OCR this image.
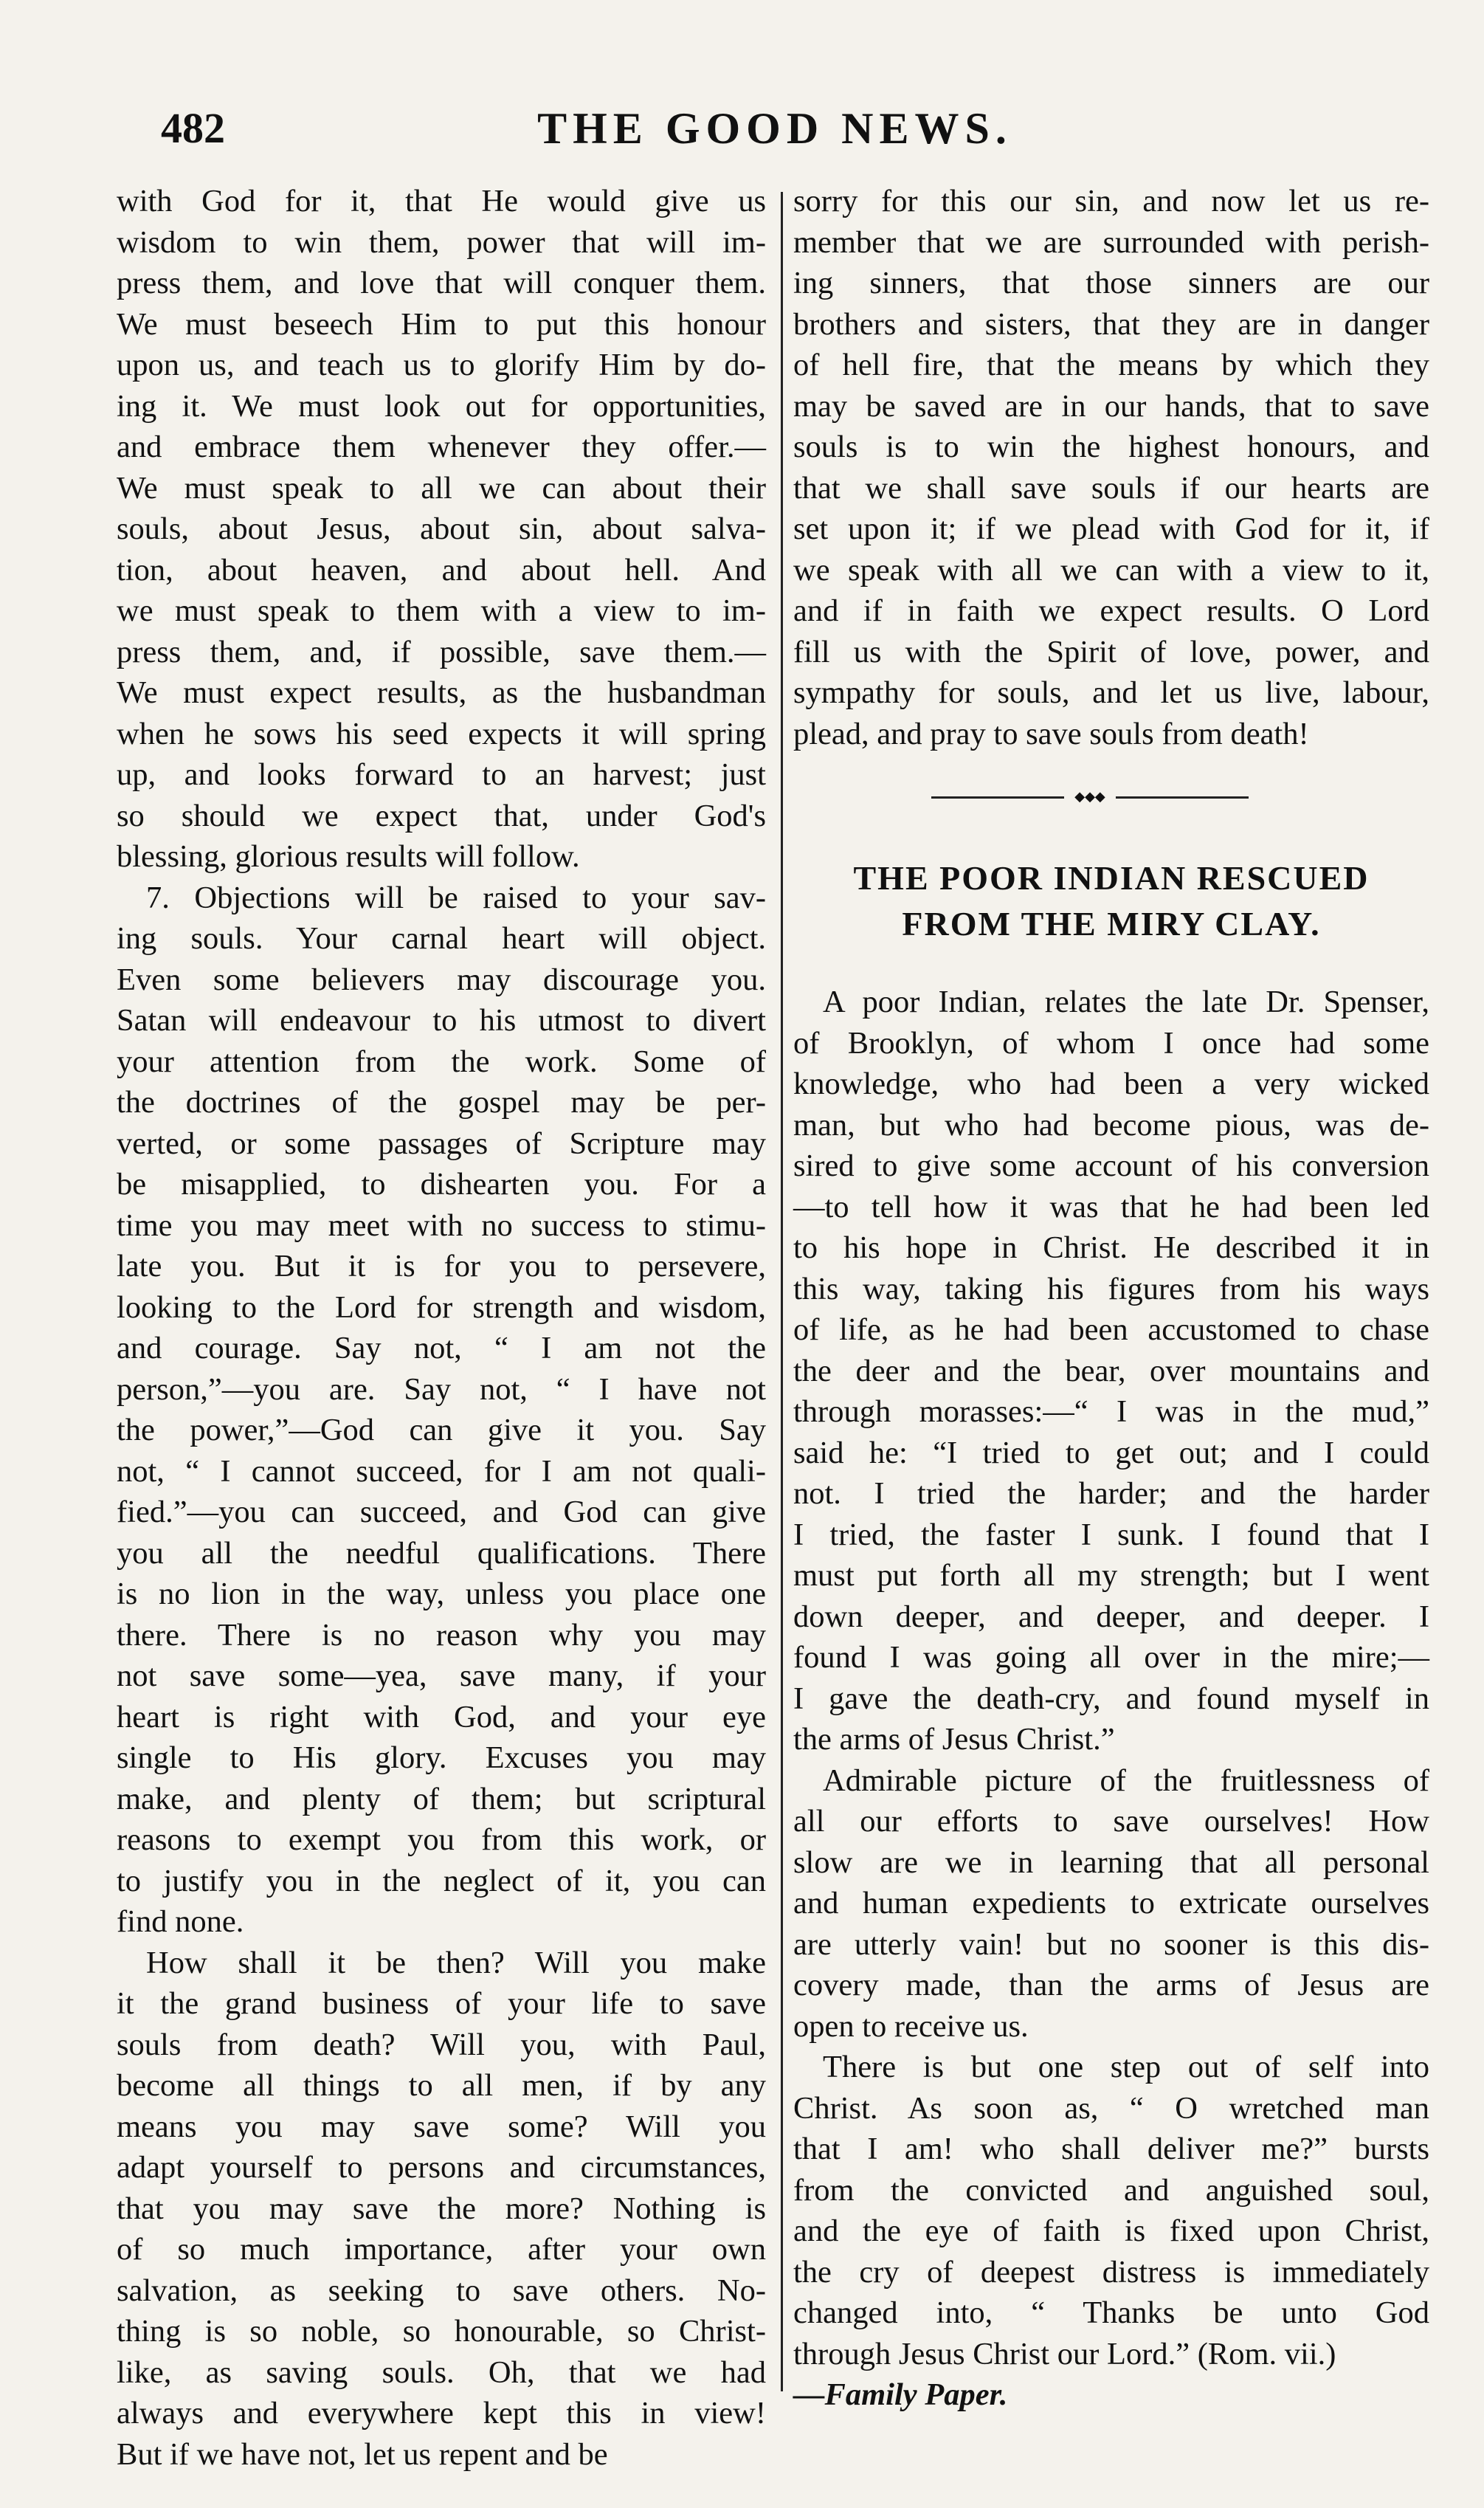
482	THE GOOD NEWS.
with God for it, that He would give us
wisdom to win them, power that will im-
press them, and love that will conquer them.
We must beseech Him to put this honour
upon us, and teach us to glorify Him by do-
ing it. We must look out for opportunities,
and embrace them whenever they offer.—
We must speak to all we can about their
souls, about Jesus, about sin, about salva-
tion, about heaven, and about hell. And
we must speak to them with a view to im-
press them, and, if possible, save them.—
We must expect results, as the husbandman
when he sows his seed expects it will spring
up, and looks forward to an harvest; just
so should we expect that, under God's
blessing, glorious results will follow.
7. Objections will be raised to your sav-
ing souls. Your carnal heart will object.
Even some believers may discourage you.
Satan will endeavour to his utmost to divert
your attention from the work. Some of
the doctrines of the gospel may be per-
verted, or some passages of Scripture may
be misapplied, to dishearten you. For a
time you may meet with no success to stimu-
late you. But it is for you to persevere,
looking to the Lord for strength and wisdom,
and courage. Say not, “ I am not the
person,”—you are. Say not, “ I have not
the power,”—God can give it you. Say
not, “ I cannot succeed, for I am not quali-
fied.”—you can succeed, and God can give
you all the needful qualifications. There
is no lion in the way, unless you place one
there. There is no reason why you may
not save some—yea, save many, if your
heart is right with God, and your eye
single to His glory. Excuses you may
make, and plenty of them; but scriptural
reasons to exempt you from this work, or
to justify you in the neglect of it, you can
find none.
How shall it be then? Will you make
it the grand business of your life to save
souls from death? Will you, with Paul,
become all things to all men, if by any
means you may save some? Will you
adapt yourself to persons and circumstances,
that you may save the more? Nothing is
of so much importance, after your own
salvation, as seeking to save others. No-
thing is so noble, so honourable, so Christ-
like, as saving souls. Oh, that we had
always and everywhere kept this in view!
But if we have not, let us repent and be
sorry for this our sin, and now let us re-
member that we are surrounded with perish-
ing sinners, that those sinners are our
brothers and sisters, that they are in danger
of hell fire, that the means by which they
may be saved are in our hands, that to save
souls is to win the highest honours, and
that we shall save souls if our hearts are
set upon it; if we plead with God for it, if
we speak with all we can with a view to it,
and if in faith we expect results. O Lord
fill us with the Spirit of love, power, and
sympathy for souls, and let us live, labour,
plead, and pray to save souls from death!
◆◆◆
THE POOR INDIAN RESCUED
FROM THE MIRY CLAY.
A poor Indian, relates the late Dr. Spenser,
of Brooklyn, of whom I once had some
knowledge, who had been a very wicked
man, but who had become pious, was de-
sired to give some account of his conversion
—to tell how it was that he had been led
to his hope in Christ. He described it in
this way, taking his figures from his ways
of life, as he had been accustomed to chase
the deer and the bear, over mountains and
through morasses:—“ I was in the mud,”
said he: “I tried to get out; and I could
not. I tried the harder; and the harder
I tried, the faster I sunk. I found that I
must put forth all my strength; but I went
down deeper, and deeper, and deeper. I
found I was going all over in the mire;—
I gave the death-cry, and found myself in
the arms of Jesus Christ.”
Admirable picture of the fruitlessness of
all our efforts to save ourselves! How
slow are we in learning that all personal
and human expedients to extricate ourselves
are utterly vain! but no sooner is this dis-
covery made, than the arms of Jesus are
open to receive us.
There is but one step out of self into
Christ. As soon as, “ O wretched man
that I am! who shall deliver me?” bursts
from the convicted and anguished soul,
and the eye of faith is fixed upon Christ,
the cry of deepest distress is immediately
changed into, “ Thanks be unto God
through Jesus Christ our Lord.” (Rom. vii.)
—Family Paper.
